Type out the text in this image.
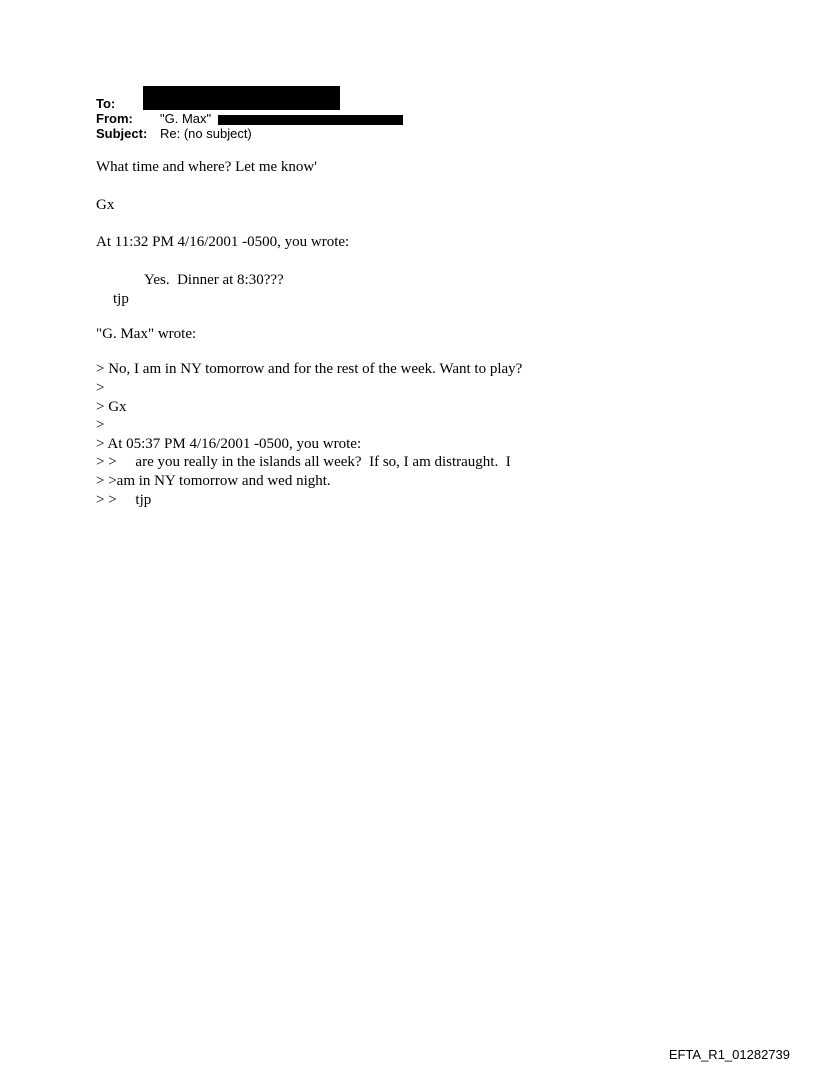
To:
From: "G. Max"
Subject: Re: (no subject)
What time and where? Let me know'
Gx
At 11:32 PM 4/16/2001 -0500, you wrote:
Yes.  Dinner at 8:30???
tjp
"G. Max" wrote:
> No, I am in NY tomorrow and for the rest of the week. Want to play?
>
> Gx
>
> At 05:37 PM 4/16/2001 -0500, you wrote:
> >     are you really in the islands all week?  If so, I am distraught.  I
> >am in NY tomorrow and wed night.
> >     tjp
EFTA_R1_01282739
